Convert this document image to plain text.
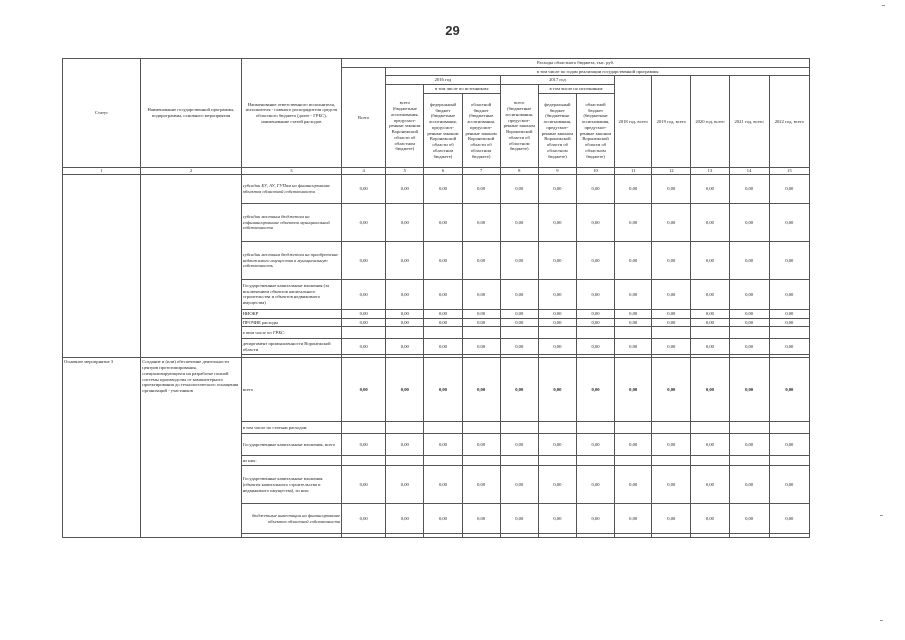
29
Статус	Наименование государственной программы, подпрограммы, основного мероприятия	Наименование ответственного исполнителя, исполнителя - главного распорядителя средств областного бюджета (далее - ГРБС), наименование статей расходов	Расходы областного бюджета, тыс. руб.											
			Всего	в том числе по годам реализации государственной программы										
				2016 год			2017 год			2018 год, всего	2019 год, всего	2020 год, всего	2021 год, всего	2022 год, всего
				всего (бюджетные ассигнования, предусмот-ренные законом Воронежской области об областном бюджете)	в том числе по источникам:		всего (бюджетные ассигнования, предусмот-ренные законом Воронежской области об областном бюджете)	в том числе по источникам:						
					федеральный бюджет (бюджетные ассигнования, предусмот-ренные законом Воронежской области об областном бюджете)	областной бюджет (бюджетные ассигнования, предусмот-ренные законом Воронежской области об областном бюджете)		федеральный бюджет (бюджетные ассигнования, предусмот-ренные законом Воронежской области об областном бюджете)	областной бюджет (бюджетные ассигнования, предусмот-ренные законом Воронежской области об областном бюджете)					
1	2	3	4	5	6	7	8	9	10	11	12	13	14	15
		субсидии БУ, АУ, ГУПам на финансирование объектов областной собственности	0,00	0,00	0,00	0,00	0,00	0,00	0,00	0,00	0,00	0,00	0,00	0,00
		субсидии местным бюджетам на софинансирование объектов муниципальной собственности	0,00	0,00	0,00	0,00	0,00	0,00	0,00	0,00	0,00	0,00	0,00	0,00
		субсидии местным бюджетам на приобретение недвижимого имущества в муниципальную собственность	0,00	0,00	0,00	0,00	0,00	0,00	0,00	0,00	0,00	0,00	0,00	0,00
		Государственные капитальные вложения (за исключением объектов капитального строительства и объектов недвижимого имущества)	0,00	0,00	0,00	0,00	0,00	0,00	0,00	0,00	0,00	0,00	0,00	0,00
		НИОКР	0,00	0,00	0,00	0,00	0,00	0,00	0,00	0,00	0,00	0,00	0,00	0,00
		ПРОЧИЕ расходы	0,00	0,00	0,00	0,00	0,00	0,00	0,00	0,00	0,00	0,00	0,00	0,00
		в том числе по ГРБС:												
		департамент промышленности Воронежской области	0,00	0,00	0,00	0,00	0,00	0,00	0,00	0,00	0,00	0,00	0,00	0,00

Основное мероприятие 3	Создание и (или) обеспечение деятельности центров прототипирования, специализирующихся на разработке полной системы производства от компьютерного проектирования до технологического оснащения организаций - участников	всего	0,00	0,00	0,00	0,00	0,00	0,00	0,00	0,00	0,00	0,00	0,00	0,00
		в том числе по статьям расходов:												
		Государственные капитальные вложения, всего	0,00	0,00	0,00	0,00	0,00	0,00	0,00	0,00	0,00	0,00	0,00	0,00
		из них:												
		Государственные капитальные вложения (объекты капитального строительства и недвижимого имущества), из них:	0,00	0,00	0,00	0,00	0,00	0,00	0,00	0,00	0,00	0,00	0,00	0,00
		бюджетные инвестиции на финансирование объектов областной собственности	0,00	0,00	0,00	0,00	0,00	0,00	0,00	0,00	0,00	0,00	0,00	0,00
